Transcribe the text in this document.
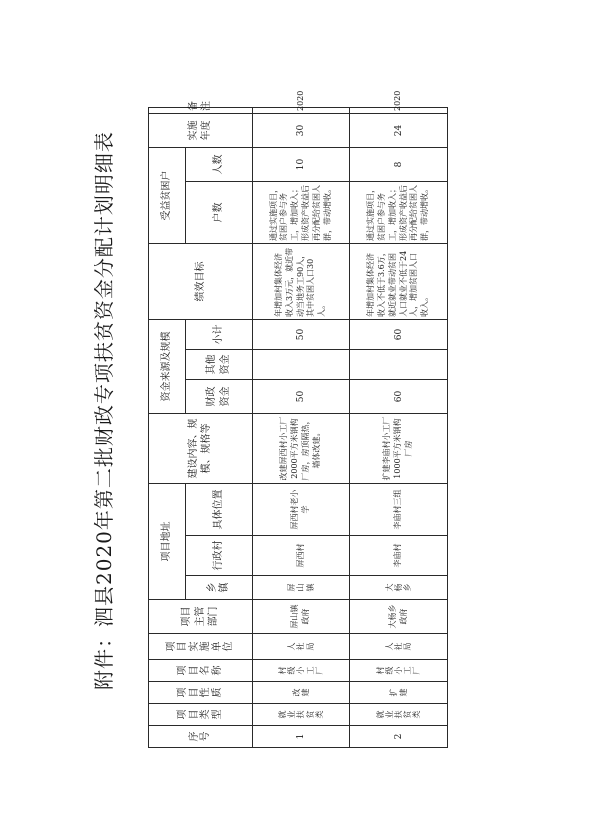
附件：泗县2020年第二批财政专项扶贫资金分配计划明细表
序号	项目类型	项目性质	项目名称	项目实施单位	项目主管部门	项目地址			建设内容、规模、规格等	资金来源及规模			绩效目标	受益贫困户		实施年度	备注

						乡镇	行政村	具体位置		财政资金	其他资金	小计		户数	人数		
1	就业扶贫类	改建	村级小工厂	人社局	屏山镇政府	屏山镇	屏西村	屏西村老小学	改建屏西村小工厂2000平方米钢构厂房，房顶隔热，墙体改建。	50		50	年增加村集体经济收入3万元，就近带动当地务工90人，其中贫困人口30人。	通过实施项目，贫困户参与务工，增加收入；形成资产收益后再分配给贫困人群，带动增收。	10	30	2020
2	就业扶贫类	扩建	村级小工厂	人社局	大杨乡政府	大杨乡	李庙村	李庙村三组	扩建李庙村小工厂1000平方米钢构厂房	60		60	年增加村集体经济收入不低于3.6万，就近就业带动贫困人口就业不低于24人，增加贫困人口收入。	通过实施项目，贫困户参与务工，增加收入；形成资产收益后再分配给贫困人群，带动增收。	8	24	2020
